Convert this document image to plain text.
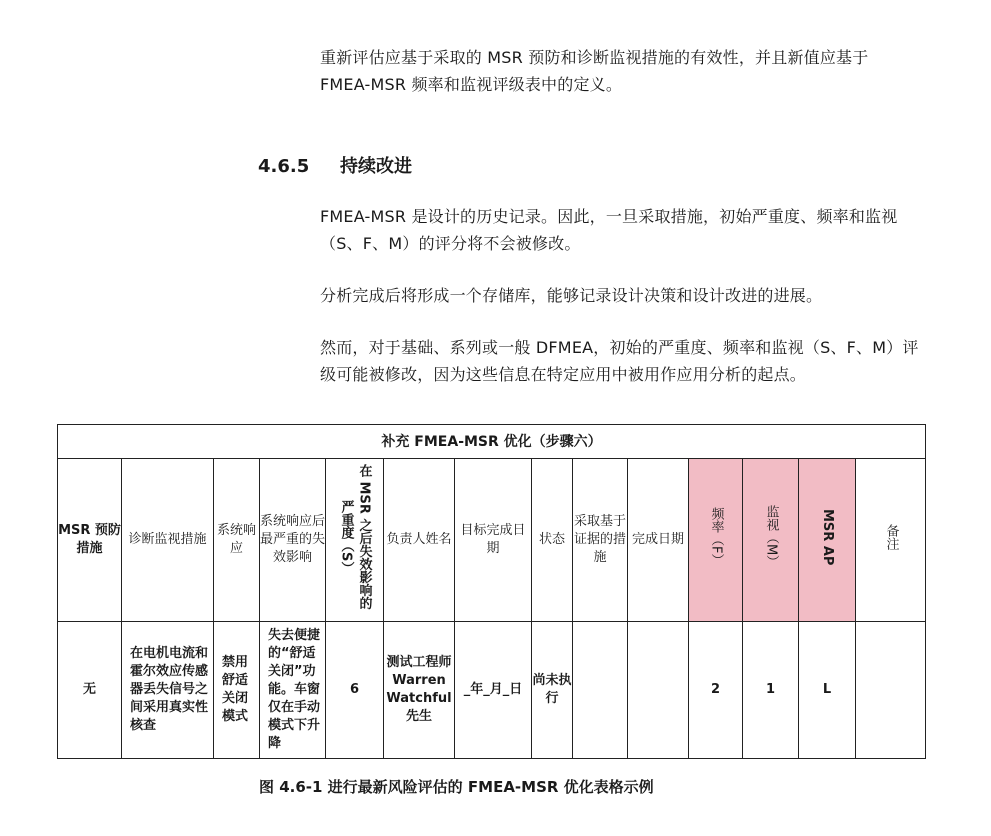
重新评估应基于采取的 MSR 预防和诊断监视措施的有效性，并且新值应基于 FMEA-MSR 频率和监视评级表中的定义。

4.6.5 持续改进

FMEA-MSR 是设计的历史记录。因此，一旦采取措施，初始严重度、频率和监视（S、F、M）的评分将不会被修改。

分析完成后将形成一个存储库，能够记录设计决策和设计改进的进展。

然而，对于基础、系列或一般 DFMEA，初始的严重度、频率和监视（S、F、M）评级可能被修改，因为这些信息在特定应用中被用作应用分析的起点。

补充 FMEA-MSR 优化（步骤六）													
MSR 预防措施	诊断监视措施	系统响应	系统响应后最严重的失效影响	在 MSR 之后失效影响的严重度（S）	负责人姓名	目标完成日期	状态	采取基于证据的措施	完成日期	频率（F）	监视（M）	MSR AP	备注
无	在电机电流和霍尔效应传感器丢失信号之间采用真实性核查	禁用舒适关闭模式	失去便捷的“舒适关闭”功能。车窗仅在手动模式下升降	6	测试工程师 Warren Watchful 先生	_年_月_日	尚未执行			2	1	L	

图 4.6-1 进行最新风险评估的 FMEA-MSR 优化表格示例
